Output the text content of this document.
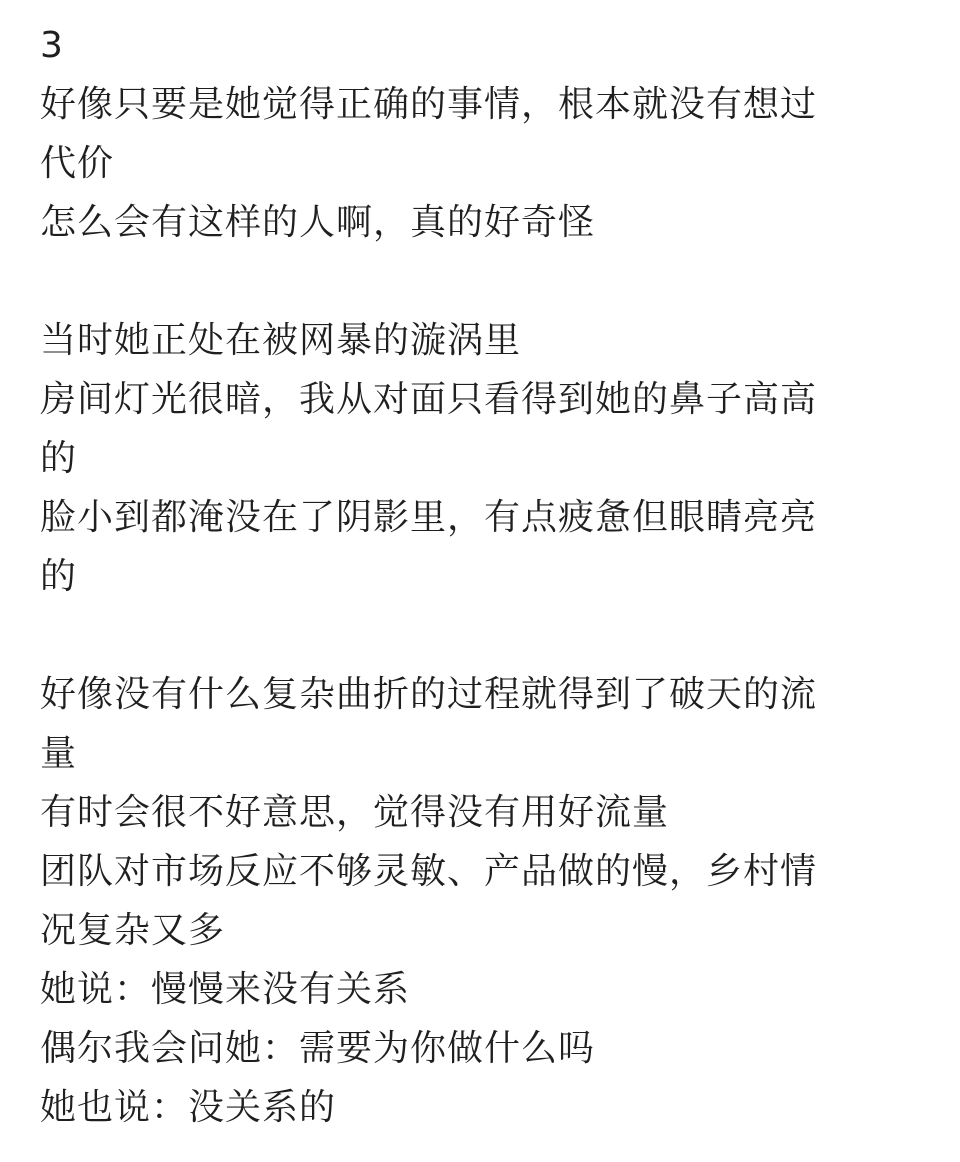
3
好像只要是她觉得正确的事情，根本就没有想过
代价
怎么会有这样的人啊，真的好奇怪
当时她正处在被网暴的漩涡里
房间灯光很暗，我从对面只看得到她的鼻子高高
的
脸小到都淹没在了阴影里，有点疲惫但眼睛亮亮
的
好像没有什么复杂曲折的过程就得到了破天的流
量
有时会很不好意思，觉得没有用好流量
团队对市场反应不够灵敏、产品做的慢，乡村情
况复杂又多
她说：慢慢来没有关系
偶尔我会问她：需要为你做什么吗
她也说：没关系的
